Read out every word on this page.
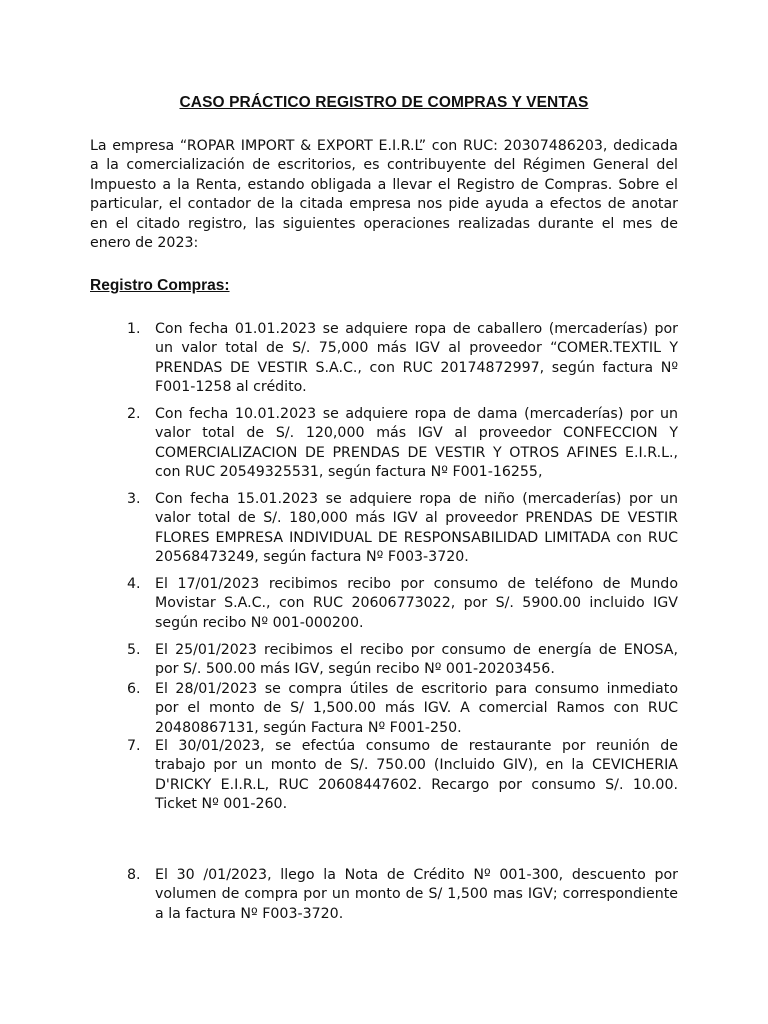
CASO PRÁCTICO REGISTRO DE COMPRAS Y VENTAS

La empresa “ROPAR IMPORT & EXPORT E.I.R.L” con RUC: 20307486203, dedicada a la comercialización de escritorios, es contribuyente del Régimen General del Impuesto a la Renta, estando obligada a llevar el Registro de Compras. Sobre el particular, el contador de la citada empresa nos pide ayuda a efectos de anotar en el citado registro, las siguientes operaciones realizadas durante el mes de enero de 2023:

Registro Compras:
1.	Con fecha 01.01.2023 se adquiere ropa de caballero (mercaderías) por un valor total de S/. 75,000 más IGV al proveedor “COMER.TEXTIL Y PRENDAS DE VESTIR S.A.C., con RUC 20174872997, según factura Nº F001-1258 al crédito.
2.	Con fecha 10.01.2023 se adquiere ropa de dama (mercaderías) por un valor total de S/. 120,000 más IGV al proveedor CONFECCION Y COMERCIALIZACION DE PRENDAS DE VESTIR Y OTROS AFINES E.I.R.L., con RUC 20549325531, según factura Nº F001-16255,
3.	Con fecha 15.01.2023 se adquiere ropa de niño (mercaderías) por un valor total de S/. 180,000 más IGV al proveedor PRENDAS DE VESTIR FLORES EMPRESA INDIVIDUAL DE RESPONSABILIDAD LIMITADA con RUC 20568473249, según factura Nº F003-3720.
4.	El 17/01/2023 recibimos recibo por consumo de teléfono de Mundo Movistar S.A.C., con RUC 20606773022, por S/. 5900.00 incluido IGV según recibo Nº 001-000200.
5.	El 25/01/2023 recibimos el recibo por consumo de energía de ENOSA, por S/. 500.00 más IGV, según recibo Nº 001-20203456.
6.	El 28/01/2023 se compra útiles de escritorio para consumo inmediato por el monto de S/ 1,500.00 más IGV. A comercial Ramos con RUC 20480867131, según Factura Nº F001-250.
7.	El 30/01/2023, se efectúa consumo de restaurante por reunión de trabajo por un monto de S/. 750.00 (Incluido GIV), en la CEVICHERIA D'RICKY E.I.R.L, RUC 20608447602. Recargo por consumo S/. 10.00. Ticket Nº 001-260.
8.	El 30 /01/2023, llego la Nota de Crédito Nº 001-300, descuento por volumen de compra por un monto de S/ 1,500 mas IGV; correspondiente a la factura Nº F003-3720.
